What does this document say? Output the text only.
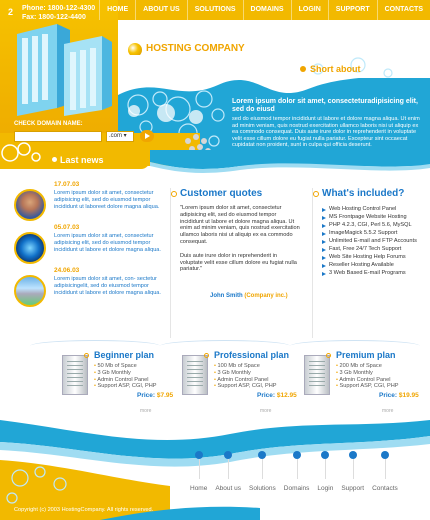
2 Phone: 1800-122-4300
Fax: 1800-122-4400
HOME	ABOUT US	SOLUTIONS	DOMAINS	LOGIN	SUPPORT	CONTACTS
HOSTING COMPANY
Short about
Lorem ipsum dolor sit amet, consecteturadipisicing elit, sed do eiusd
sed do eiusmod tempor incididunt ut labore et dolore magna aliqua. Ut enim ad minim veniam, quis nostrud exercitation ullamco laboris nisi ut aliquip ex ea commodo consequat. Duis aute irure dolor in reprehenderit in voluptate velit esse cillum dolore eu fugiat nulla pariatur. Excepteur sint occaecat cupidatat non proident, sunt in culpa qui officia deserunt.
CHECK DOMAIN NAME:
.com ▾
Last news
17.07.03
Lorem ipsum dolor sit amet, consectetur adipisicing elit, sed do eiusmod tempor incididunt ut laboreet dolore magna aliqua.
05.07.03
Lorem ipsum dolor sit amet, consectetur adipisicing elit, sed do eiusmod tempor incididunt ut labore et dolore magna aliqua.
24.06.03
Lorem ipsum dolor sit amet, con- sectetur adipisicingelit, sed do eiusmod tempor incididunt ut labore et dolore magna aliqua.
Customer quotes

"Lorem ipsum dolor sit amet, consectetur adipisicing elit, sed do eiusmod tempor incididunt ut labore et dolore magna aliqua. Ut enim ad minim veniam, quis nostrud exercitation ullamco laboris nisi ut aliquip ex ea commodo consequat.

Duis aute irure dolor in reprehenderit in voluptate velit esse cillum dolore eu fugiat nulla pariatur."

John Smith (Company inc.)
What's included?
Web Hosting Control Panel
MS Frontpage Website Hosting
PHP 4.2.3, CGI, Perl 5.6, MySQL
ImageMagick 5.5.2 Support
Unlimited E-mail and FTP Accounts
Fast, Free 24/7 Tech Support
Web Site Hosting Help Forums
Reseller Hosting Available
3 Web Based E-mail Programs
Beginner plan
• 50 Mb of Space
• 3 Gb Monthly
• Admin Control Panel
• Support ASP, CGI, PHP
Price: $7.95
more
Professional plan
• 100 Mb of Space
• 3 Gb Monthly
• Admin Control Panel
• Support ASP, CGI, PHP
Price: $12.95
more
Premium plan
• 200 Mb of Space
• 3 Gb Monthly
• Admin Control Panel
• Support ASP, CGI, PHP
Price: $19.95
more
Home About us Solutions Domains Login Support Contacts
Copyright (c) 2003 HostingCompany. All rights reserved.
